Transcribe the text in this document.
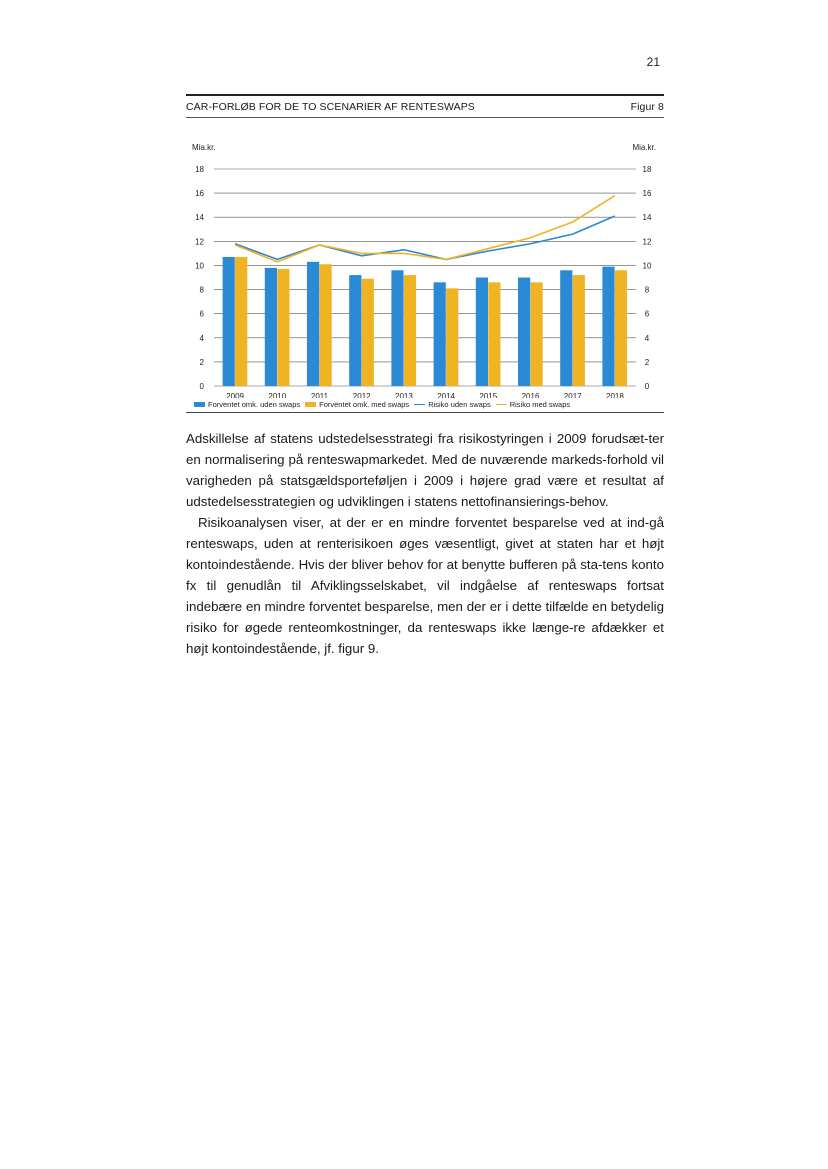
21
CAR-FORLØB FOR DE TO SCENARIER AF RENTESWAPS	Figur 8
Mia.kr.	Mia.kr.
0	0
2	2
4	4
6	6
8	8
10	10
12	12
14	14
16	16
18	18
2009	2010	2011	2012	2013	2014	2015	2016	2017	2018
Forventet omk. uden swaps	Forventet omk. med swaps	Risiko uden swaps	Risiko med swaps

Adskillelse af statens udstedelsesstrategi fra risikostyringen i 2009 forudsæt-ter en normalisering på renteswapmarkedet. Med de nuværende markeds-forhold vil varigheden på statsgældsporteføljen i 2009 i højere grad være et resultat af udstedelsesstrategien og udviklingen i statens nettofinansierings-behov.

Risikoanalysen viser, at der er en mindre forventet besparelse ved at ind-gå renteswaps, uden at renterisikoen øges væsentligt, givet at staten har et højt kontoindestående. Hvis der bliver behov for at benytte bufferen på sta-tens konto fx til genudlån til Afviklingsselskabet, vil indgåelse af renteswaps fortsat indebære en mindre forventet besparelse, men der er i dette tilfælde en betydelig risiko for øgede renteomkostninger, da renteswaps ikke længe-re afdækker et højt kontoindestående, jf. figur 9.
